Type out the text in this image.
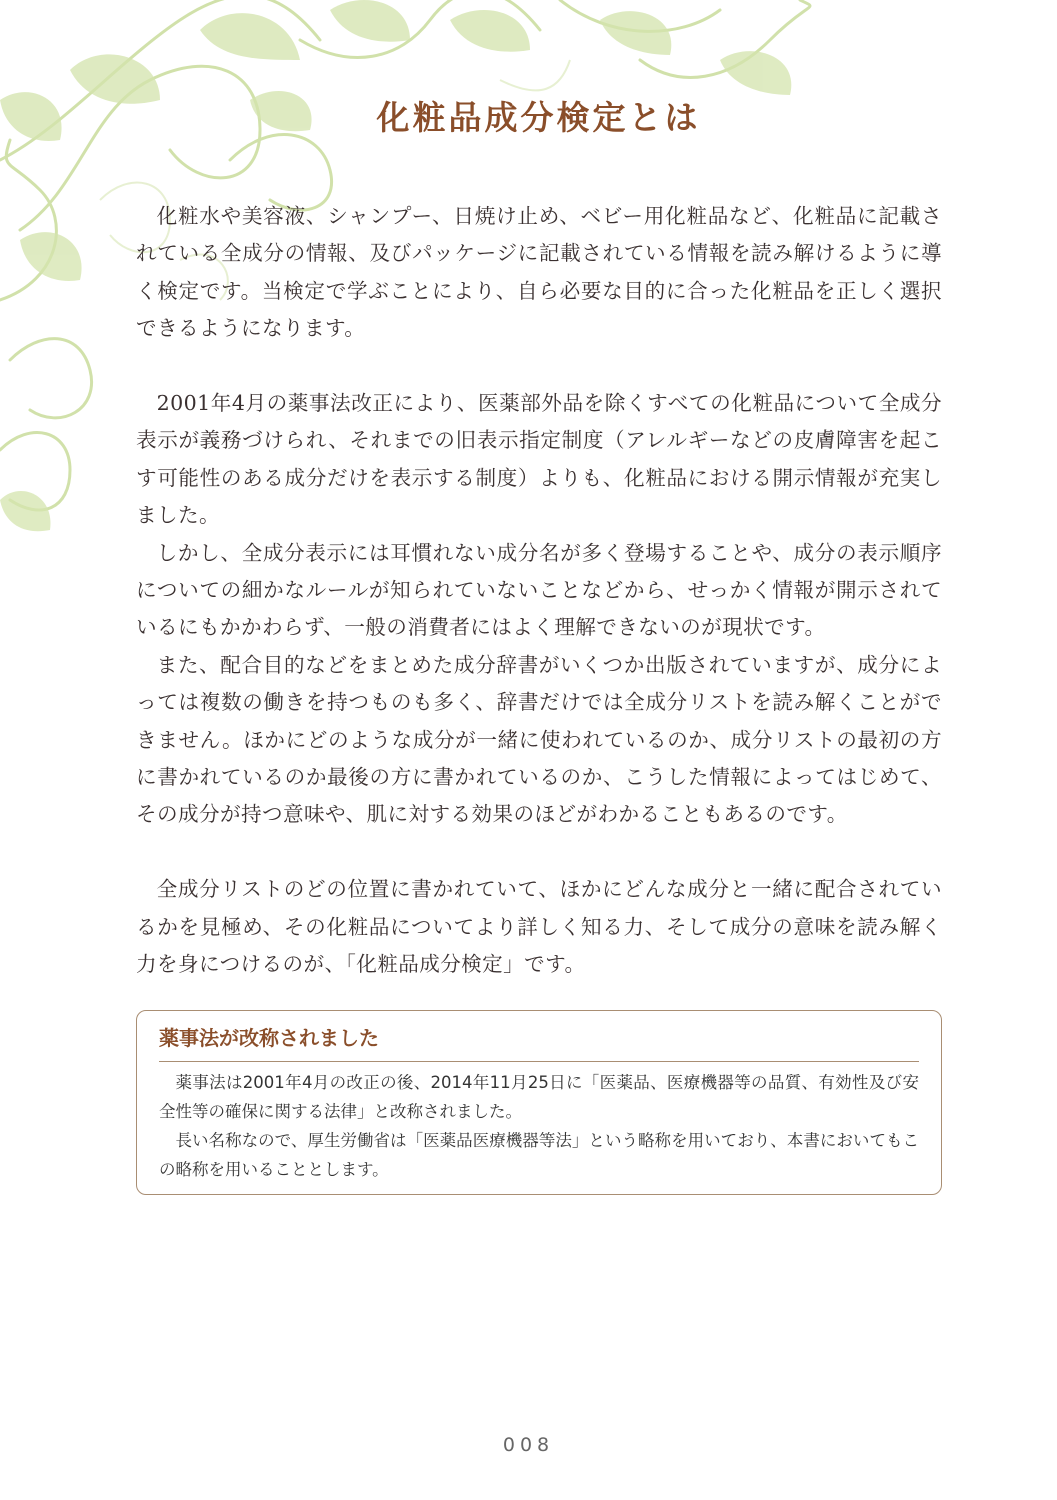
化粧品成分検定とは

化粧水や美容液、シャンプー、日焼け止め、ベビー用化粧品など、化粧品に記載されている全成分の情報、及びパッケージに記載されている情報を読み解けるように導く検定です。当検定で学ぶことにより、自ら必要な目的に合った化粧品を正しく選択できるようになります。

2001年4月の薬事法改正により、医薬部外品を除くすべての化粧品について全成分表示が義務づけられ、それまでの旧表示指定制度（アレルギーなどの皮膚障害を起こす可能性のある成分だけを表示する制度）よりも、化粧品における開示情報が充実しました。

しかし、全成分表示には耳慣れない成分名が多く登場することや、成分の表示順序についての細かなルールが知られていないことなどから、せっかく情報が開示されているにもかかわらず、一般の消費者にはよく理解できないのが現状です。

また、配合目的などをまとめた成分辞書がいくつか出版されていますが、成分によっては複数の働きを持つものも多く、辞書だけでは全成分リストを読み解くことができません。ほかにどのような成分が一緒に使われているのか、成分リストの最初の方に書かれているのか最後の方に書かれているのか、こうした情報によってはじめて、その成分が持つ意味や、肌に対する効果のほどがわかることもあるのです。

全成分リストのどの位置に書かれていて、ほかにどんな成分と一緒に配合されているかを見極め、その化粧品についてより詳しく知る力、そして成分の意味を読み解く力を身につけるのが、「化粧品成分検定」です。

薬事法が改称されました

薬事法は2001年4月の改正の後、2014年11月25日に「医薬品、医療機器等の品質、有効性及び安全性等の確保に関する法律」と改称されました。

長い名称なので、厚生労働省は「医薬品医療機器等法」という略称を用いており、本書においてもこの略称を用いることとします。

008
